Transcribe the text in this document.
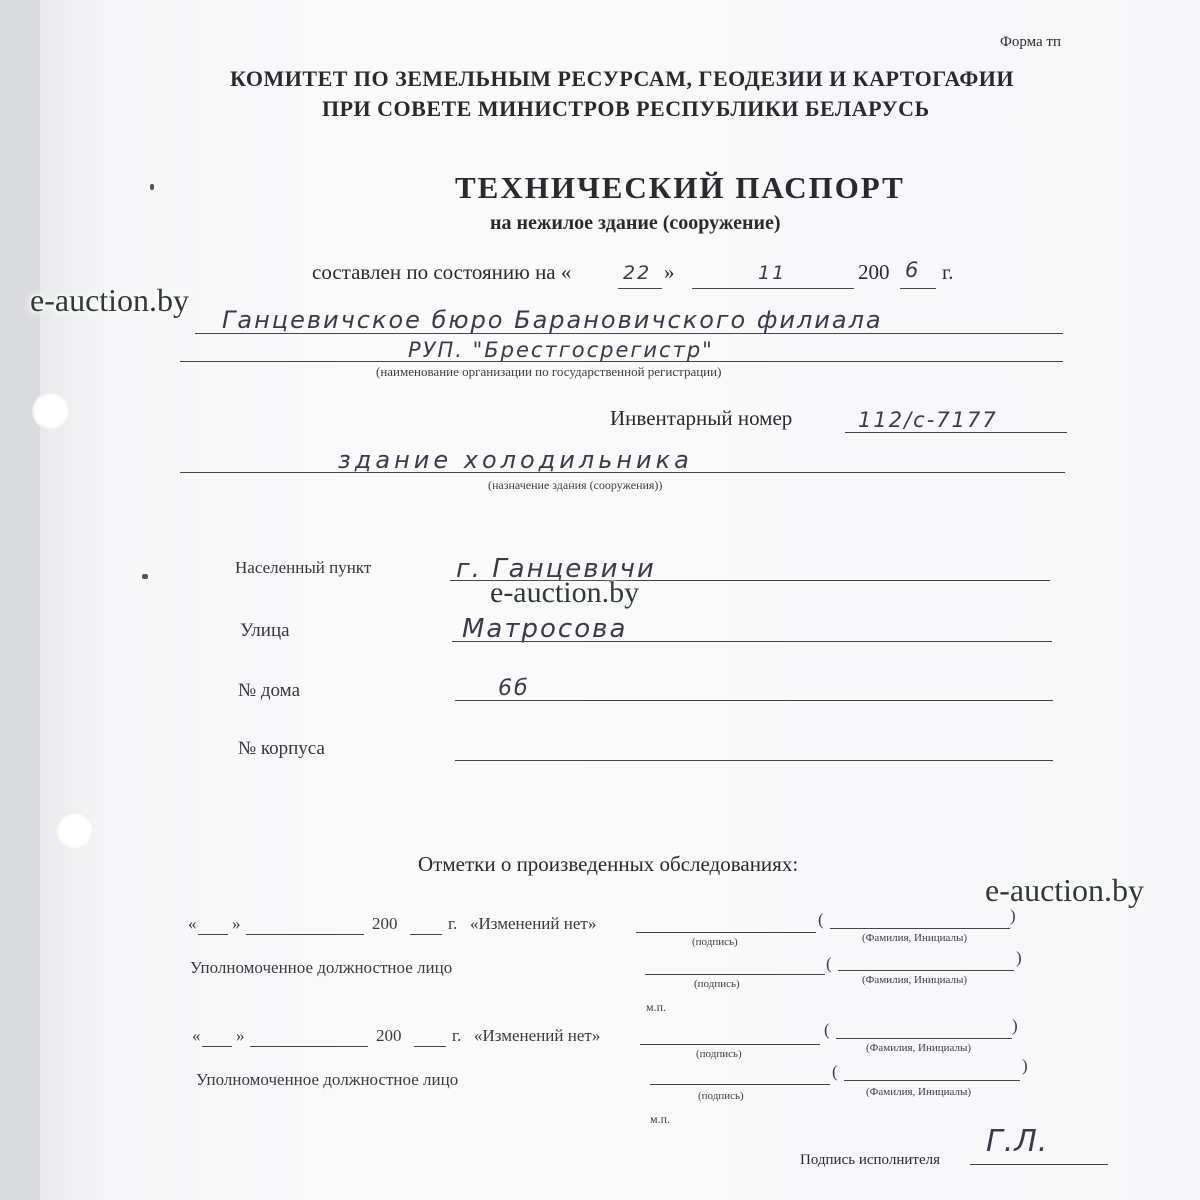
Форма тп
КОМИТЕТ ПО ЗЕМЕЛЬНЫМ РЕСУРСАМ, ГЕОДЕЗИИ И КАРТОГАФИИ
ПРИ СОВЕТЕ МИНИСТРОВ РЕСПУБЛИКИ БЕЛАРУСЬ
ТЕХНИЧЕСКИЙ ПАСПОРТ
на нежилое здание (сооружение)
составлен по состоянию на «	22 »	11	200 6 г.
Ганцевичское бюро Барановичского филиала
РУП. "Брестгосрегистр"
(наименование организации по государственной регистрации)
Инвентарный номер	112/с-7177
здание холодильника
(назначение здания (сооружения))
Населенный пункт	г. Ганцевичи
Улица	Матросова
№ дома	6б
№ корпуса
Отметки о произведенных обследованиях:
« »	200	г. «Изменений нет»	(	)
(подпись)	(Фамилия, Инициалы)
Уполномоченное должностное лицо	(	)
(подпись)	(Фамилия, Инициалы)
м.п.
« »	200	г. «Изменений нет»	(	)
(подпись)	(Фамилия, Инициалы)
Уполномоченное должностное лицо	(	)
(подпись)	(Фамилия, Инициалы)
м.п.
Подпись исполнителя
Г.Л.
e-auction.by
e-auction.by
e-auction.by
